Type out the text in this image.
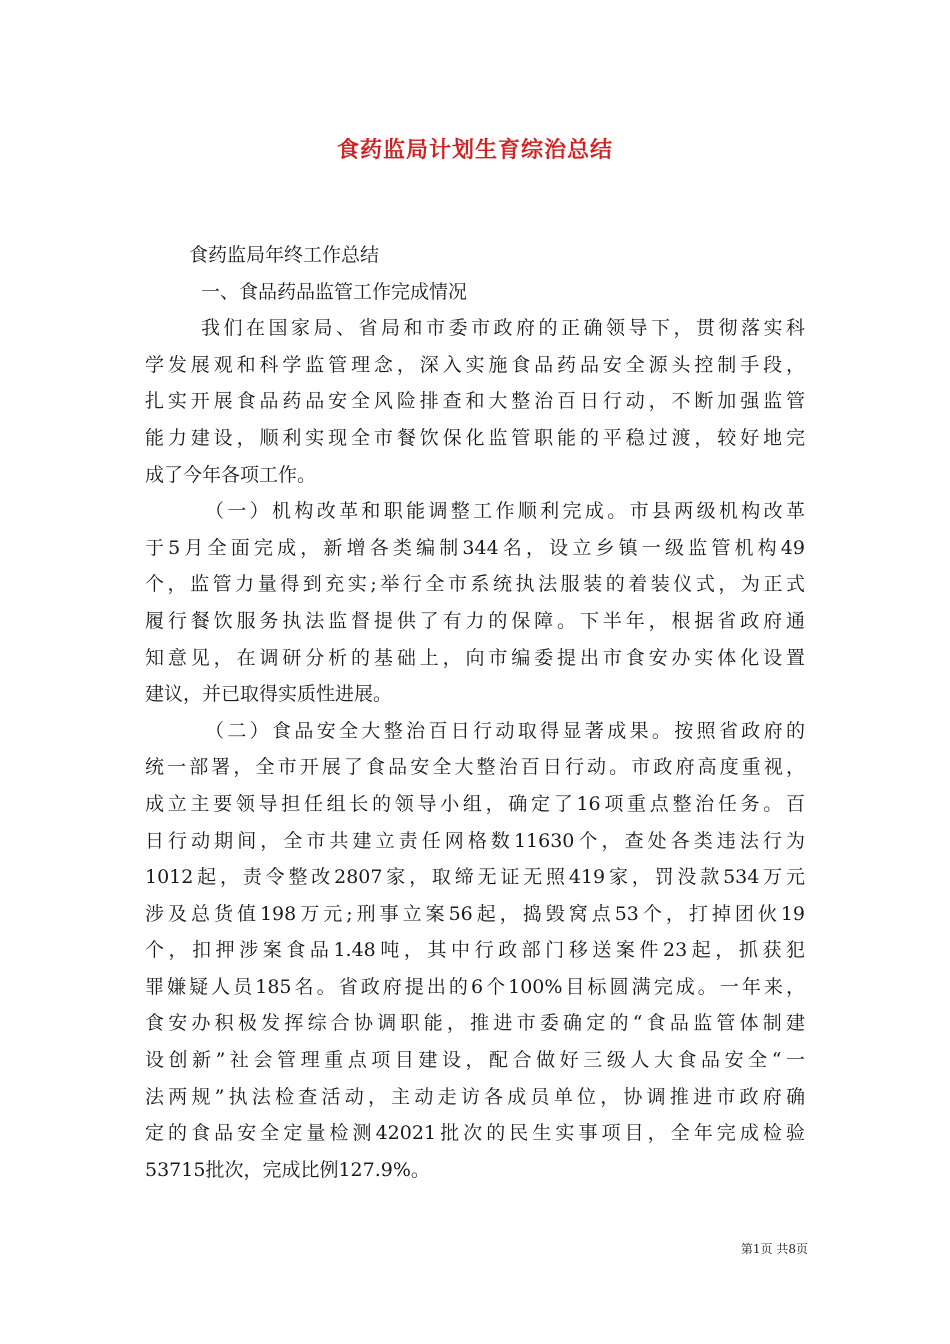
食药监局计划生育综治总结
食药监局年终工作总结
一、食品药品监管工作完成情况
我们在国家局、省局和市委市政府的正确领导下，贯彻落实科
学发展观和科学监管理念，深入实施食品药品安全源头控制手段，
扎实开展食品药品安全风险排查和大整治百日行动，不断加强监管
能力建设，顺利实现全市餐饮保化监管职能的平稳过渡，较好地完
成了今年各项工作。
（一）机构改革和职能调整工作顺利完成。市县两级机构改革
于5月全面完成，新增各类编制344名，设立乡镇一级监管机构49
个，监管力量得到充实;举行全市系统执法服装的着装仪式，为正式
履行餐饮服务执法监督提供了有力的保障。下半年，根据省政府通
知意见，在调研分析的基础上，向市编委提出市食安办实体化设置
建议，并已取得实质性进展。
（二）食品安全大整治百日行动取得显著成果。按照省政府的
统一部署，全市开展了食品安全大整治百日行动。市政府高度重视，
成立主要领导担任组长的领导小组，确定了16项重点整治任务。百
日行动期间，全市共建立责任网格数11630个，查处各类违法行为
1012起，责令整改2807家，取缔无证无照419家，罚没款534万元
涉及总货值198万元;刑事立案56起，捣毁窝点53个，打掉团伙19
个，扣押涉案食品1.48吨，其中行政部门移送案件23起，抓获犯
罪嫌疑人员185名。省政府提出的6个100%目标圆满完成。一年来，
食安办积极发挥综合协调职能，推进市委确定的“食品监管体制建
设创新”社会管理重点项目建设，配合做好三级人大食品安全“一
法两规”执法检查活动，主动走访各成员单位，协调推进市政府确
定的食品安全定量检测42021批次的民生实事项目，全年完成检验
53715批次，完成比例127.9%。
第1页 共8页
